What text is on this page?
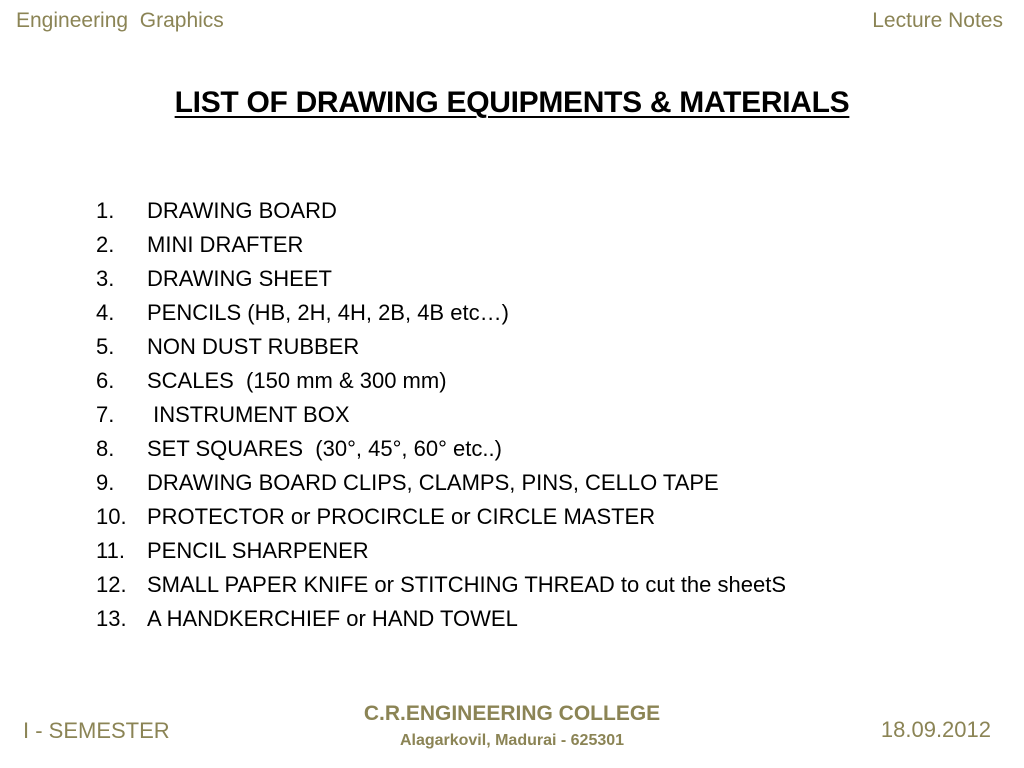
Engineering  Graphics	Lecture Notes
LIST OF DRAWING EQUIPMENTS & MATERIALS
1.	DRAWING BOARD
2.	MINI DRAFTER
3.	DRAWING SHEET
4.	PENCILS (HB, 2H, 4H, 2B, 4B etc…)
5.	NON DUST RUBBER
6.	SCALES  (150 mm & 300 mm)
7.	INSTRUMENT BOX
8.	SET SQUARES  (30°, 45°, 60° etc..)
9.	DRAWING BOARD CLIPS, CLAMPS, PINS, CELLO TAPE
10. PROTECTOR or PROCIRCLE or CIRCLE MASTER
11.	PENCIL SHARPENER
12. SMALL PAPER KNIFE or STITCHING THREAD to cut the sheetS
13. A HANDKERCHIEF or HAND TOWEL
I - SEMESTER
C.R.ENGINEERING COLLEGE
Alagarkovil, Madurai - 625301	18.09.2012
